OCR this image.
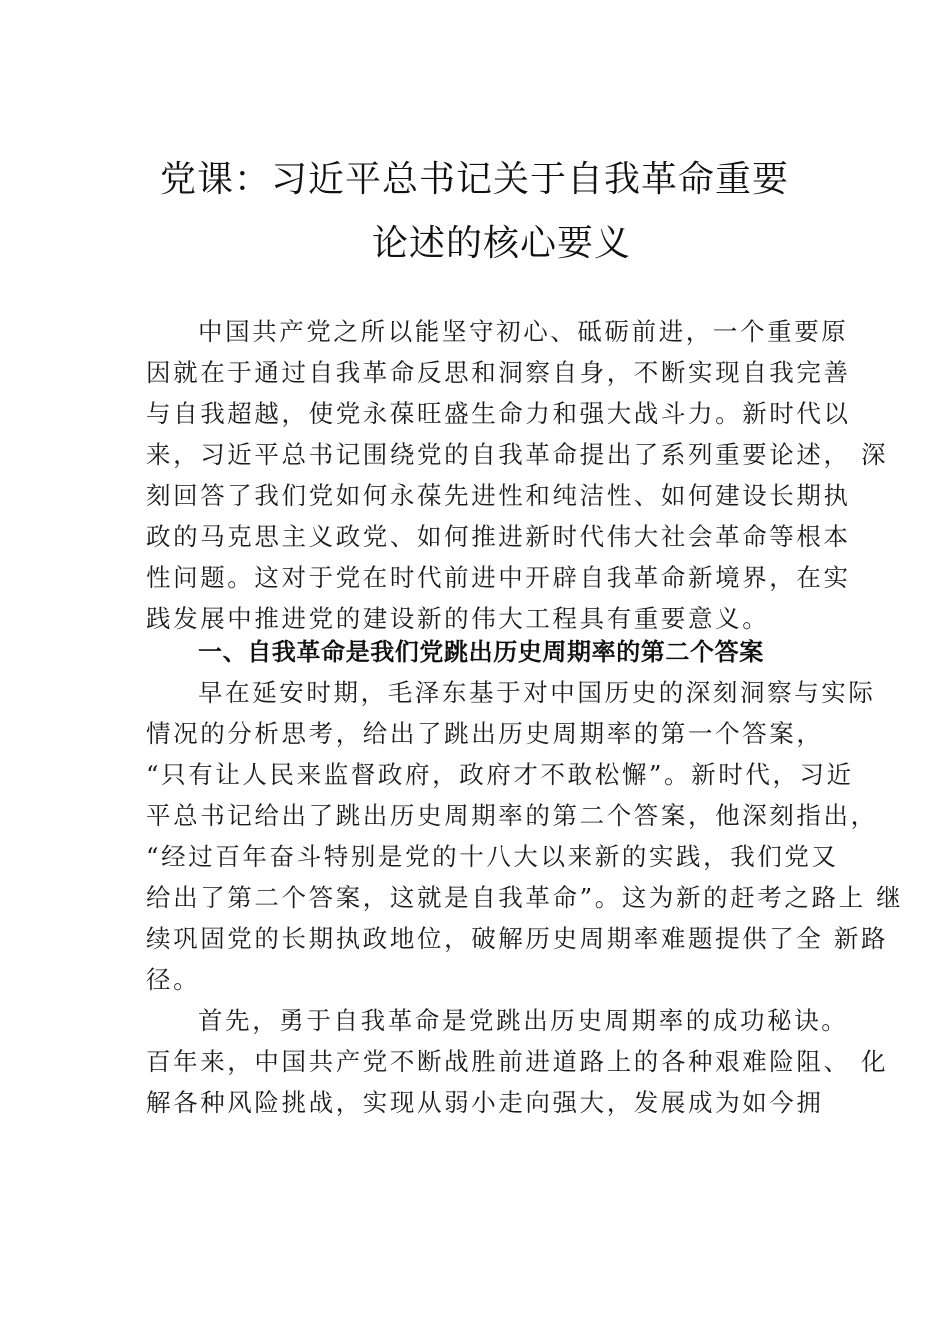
党课：习近平总书记关于自我革命重要
论述的核心要义
中国共产党之所以能坚守初心、砥砺前进，一个重要原
因就在于通过自我革命反思和洞察自身，不断实现自我完善
与自我超越，使党永葆旺盛生命力和强大战斗力。新时代以
来，习近平总书记围绕党的自我革命提出了系列重要论述， 深
刻回答了我们党如何永葆先进性和纯洁性、如何建设长期执
政的马克思主义政党、如何推进新时代伟大社会革命等根本
性问题。这对于党在时代前进中开辟自我革命新境界，在实
践发展中推进党的建设新的伟大工程具有重要意义。
一、自我革命是我们党跳出历史周期率的第二个答案
早在延安时期，毛泽东基于对中国历史的深刻洞察与实际
情况的分析思考，给出了跳出历史周期率的第一个答案，
“只有让人民来监督政府，政府才不敢松懈”。新时代，习近
平总书记给出了跳出历史周期率的第二个答案，他深刻指出，
“经过百年奋斗特别是党的十八大以来新的实践，我们党又
给出了第二个答案，这就是自我革命”。这为新的赶考之路上 继
续巩固党的长期执政地位，破解历史周期率难题提供了全 新路
径。
首先，勇于自我革命是党跳出历史周期率的成功秘诀。
百年来，中国共产党不断战胜前进道路上的各种艰难险阻、 化
解各种风险挑战，实现从弱小走向强大，发展成为如今拥
